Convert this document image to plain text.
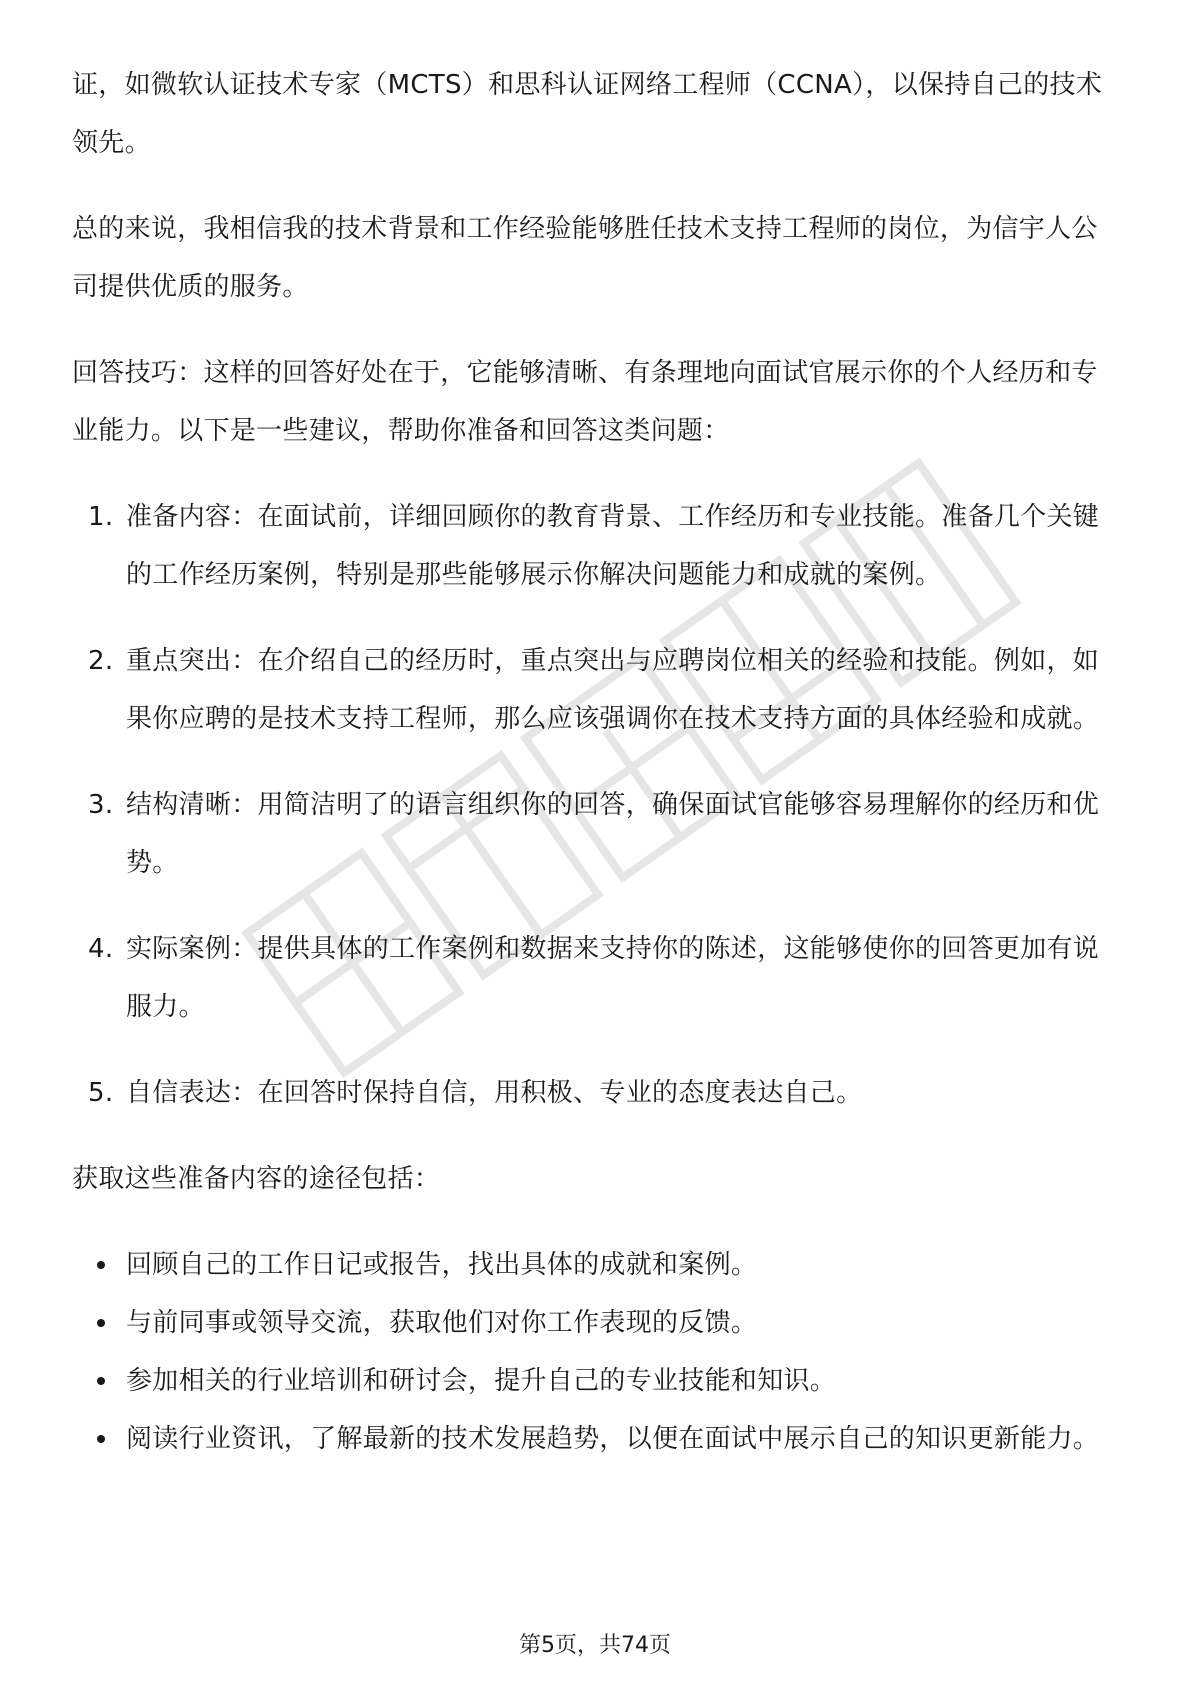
证，如微软认证技术专家（MCTS）和思科认证网络工程师（CCNA），以保持自己的技术领先。

总的来说，我相信我的技术背景和工作经验能够胜任技术支持工程师的岗位，为信宇人公司提供优质的服务。

回答技巧：这样的回答好处在于，它能够清晰、有条理地向面试官展示你的个人经历和专业能力。以下是一些建议，帮助你准备和回答这类问题：

1. 准备内容：在面试前，详细回顾你的教育背景、工作经历和专业技能。准备几个关键的工作经历案例，特别是那些能够展示你解决问题能力和成就的案例。
2. 重点突出：在介绍自己的经历时，重点突出与应聘岗位相关的经验和技能。例如，如果你应聘的是技术支持工程师，那么应该强调你在技术支持方面的具体经验和成就。
3. 结构清晰：用简洁明了的语言组织你的回答，确保面试官能够容易理解你的经历和优势。
4. 实际案例：提供具体的工作案例和数据来支持你的陈述，这能够使你的回答更加有说服力。
5. 自信表达：在回答时保持自信，用积极、专业的态度表达自己。

获取这些准备内容的途径包括：

回顾自己的工作日记或报告，找出具体的成就和案例。
与前同事或领导交流，获取他们对你工作表现的反馈。
参加相关的行业培训和研讨会，提升自己的专业技能和知识。
阅读行业资讯，了解最新的技术发展趋势，以便在面试中展示自己的知识更新能力。
第5页，共74页
